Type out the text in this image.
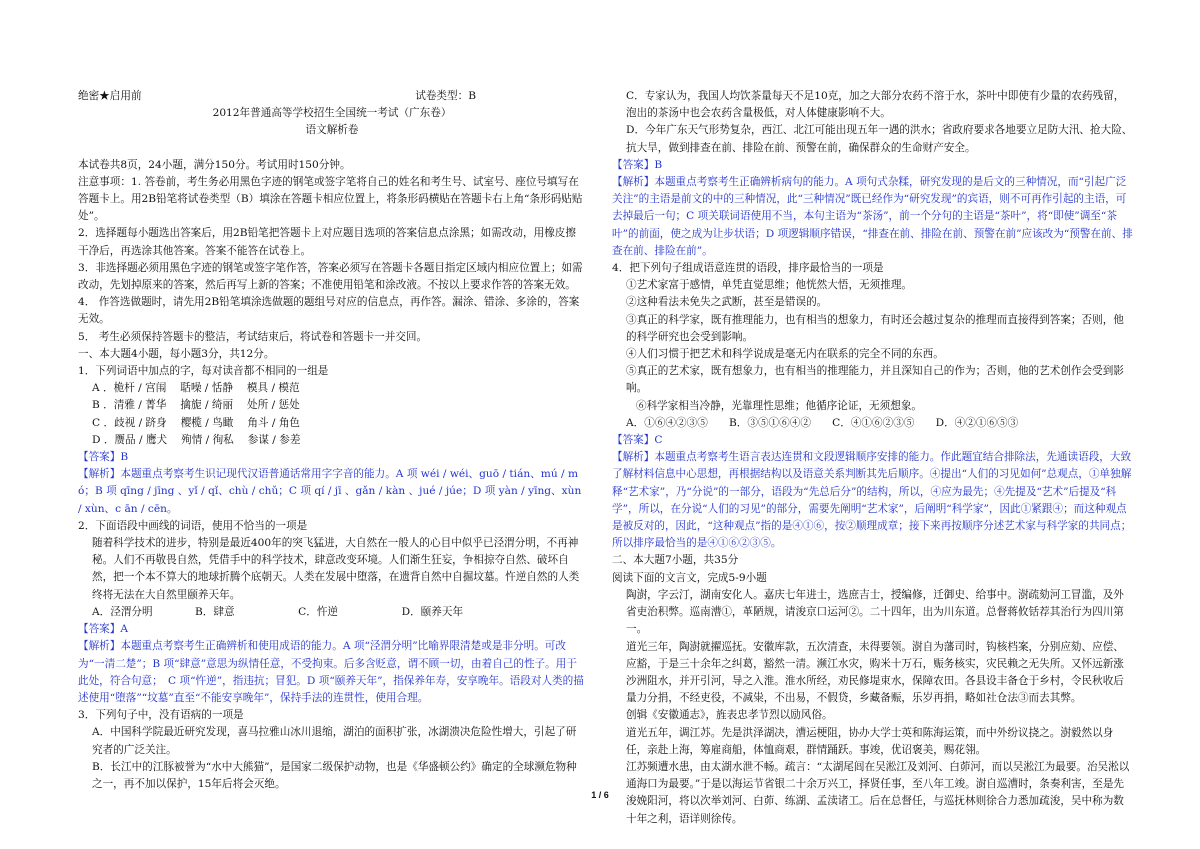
绝密★启用前	试卷类型：B
2012年普通高等学校招生全国统一考试（广东卷）
语文解析卷
本试卷共8页，24小题，满分150分。考试用时150分钟。
注意事项：1. 答卷前，考生务必用黑色字迹的钢笔或签字笔将自己的姓名和考生号、试室号、座位号填写在答题卡上。用2B铅笔将试卷类型（B）填涂在答题卡相应位置上，将条形码横贴在答题卡右上角“条形码贴贴处”。
2．选择题每小题选出答案后，用2B铅笔把答题卡上对应题目选项的答案信息点涂黑；如需改动，用橡皮擦干净后，再选涂其他答案。答案不能答在试卷上。
3．非选择题必须用黑色字迹的钢笔或签字笔作答，答案必须写在答题卡各题目指定区域内相应位置上；如需改动，先划掉原来的答案，然后再写上新的答案；不准使用铅笔和涂改液。不按以上要求作答的答案无效。
4． 作答选做题时，请先用2B铅笔填涂选做题的题组号对应的信息点，再作答。漏涂、错涂、多涂的，答案无效。
5． 考生必须保持答题卡的整洁，考试结束后，将试卷和答题卡一并交回。
一、本大题4小题，每小题3分，共12分。
1．下列词语中加点的字，每对读音都不相同的一组是
A ．桅杆 / 宫闱　 聒噪 / 恬静　 模具 / 模范
B ．清雅 / 菁华　 擒旎 / 绮丽　 处所 / 惩处
C ．歧视 / 跻身　 樱榄 / 鸟瞰　 角斗 / 角色
D ．赝品 / 鹰犬　 殉情 / 徇私　 参谋 / 参差
【答案】B
【解析】本题重点考察考生识记现代汉语普通话常用字字音的能力。A 项 wéi / wéi、guō / tián、mú / mó；B 项 qīng / jīng 、yǐ / qǐ、chù / chǔ；C 项 qí / jī 、gǎn / kàn 、jué / júe；D 项 yàn / yīng、xùn / xùn、c ān / cēn。
2．下面语段中画线的词语，使用不恰当的一项是
随着科学技术的进步，特别是最近400年的突飞猛进，大自然在一般人的心目中似乎已泾渭分明，不再神秘。人们不再敬畏自然，凭借手中的科学技术，肆意改变环境。人们渐生狂妄，争相掠夺自然、破坏自然，把一个本不算大的地球折腾个底朝天。人类在发展中堕落，在遗背自然中自掘坟墓。忤逆自然的人类终将无法在大自然里颐养天年。
A．泾渭分明　　　　B．肆意　　　　　　C．忤逆　　　　　　D．颐养天年
【答案】A
【解析】本题重点考察考生正确辨析和使用成语的能力。A 项“泾渭分明”比喻界限清楚或是非分明。可改为“一清二楚”；B 项“肆意”意思为纵情任意，不受拘束。后多含贬意，谓不顾一切，由着自己的性子。用于此处，符合句意；　C 项“忤逆”，指违抗；冒犯。D 项“颐养天年”，指保养年寿，安享晚年。语段对人类的描述使用“堕落”“坟墓”直至“不能安享晚年”，保持手法的连贯性，使用合理。
3．下列句子中，没有语病的一项是
A．中国科学院最近研究发现，喜马拉雅山冰川退缩，湖泊的面积扩张，冰湖溃决危险性增大，引起了研究者的广泛关注。
B．长江中的江豚被誉为“水中大熊猫”，是国家二级保护动物，也是《华盛顿公约》确定的全球濒危物种之一，再不加以保护，15年后将会灭绝。
C．专家认为，我国人均饮茶量每天不足10克，加之大部分农药不溶于水，茶叶中即使有少量的农药残留，泡出的茶汤中也会农药含量极低，对人体健康影响不大。
D．今年广东天气形势复杂，西江、北江可能出现五年一遇的洪水；省政府要求各地要立足防大汛、抢大险、抗大旱，做到排查在前、排险在前、预警在前，确保群众的生命财产安全。
【答案】B
【解析】本题重点考察考生正确辨析病句的能力。A 项句式杂糅，研究发现的是后文的三种情况，而“引起广泛关注”的主语是前文的中的三种情况，此“三种情况”既已经作为“研究发现”的宾语，则不可再作引起的主语，可去掉最后一句；C 项关联词语使用不当，本句主语为“茶汤”，前一个分句的主语是“茶叶”，将“即使”调至“茶叶”的前面，使之成为让步状语；D 项逻辑顺序错误，“排查在前、排险在前、预警在前”应该改为“预警在前、排查在前、排险在前”。
4．把下列句子组成语意连贯的语段，排序最恰当的一项是
①艺术家富于感情，单凭直觉思维；他恍然大悟，无须推理。
②这种看法未免失之武断，甚至是错误的。
③真正的科学家，既有推理能力，也有相当的想象力，有时还会越过复杂的推理而直接得到答案；否则，他的科学研究也会受到影响。
④人们习惯于把艺术和科学说成是毫无内在联系的完全不同的东西。
⑤真正的艺术家，既有想象力，也有相当的推理能力，并且深知自己的作为；否则，他的艺术创作会受到影响。
⑥科学家相当冷静，光靠理性思维；他循序论证，无须想象。
A．①⑥④②③⑤　　B．③⑤①⑥④②　　C．④①⑥②③⑤　　D．④②①⑥⑤③
【答案】C
【解析】本题重点考察考生语言表达连贯和文段逻辑顺序安排的能力。作此题宜结合排除法，先通读语段，大致了解材料信息中心思想，再根据结构以及语意关系判断其先后顺序。④提出“人们的习见如何”总观点，①单独解释“艺术家”，乃“分说”的一部分，语段为“先总后分”的结构，所以，④应为最先；④先提及“艺术”后提及“科学”，所以，在分说“人们的习见”的部分，需要先阐明“艺术家”，后阐明“科学家”，因此①紧跟④；而这种观点是被反对的，因此，“这种观点”指的是④①⑥，按②顺理成章；接下来再按顺序分述艺术家与科学家的共同点；所以排序最恰当的是④①⑥②③⑤。
二、本大题7小题，共35分
阅读下面的文言文，完成5-9小题
陶澍，字云汀，湖南安化人。嘉庆七年进士，选庶吉士，授编修，迁御史、给事中。澍疏劾河工冒滥，及外省吏治积弊。巡南漕①，革陋规，请浚京口运河②。二十四年，出为川东道。总督蒋攸铦荐其治行为四川第一。
道光三年，陶澍就擢巡抚。安徽库款，五次清查，未得要领。澍自为藩司时，钩核档案，分别应劾、应偿、应豁，于是三十余年之纠葛，豁然一清。濒江水灾，购米十万石，赈务核实，灾民赖之无失所。又怀远新涨沙洲阻水，并开引河，导之入淮。淮水所经，劝民修堤束水，保障农田。各县设丰备仓于乡村，令民秋收后量力分捐，不经吏役，不减粜，不出易，不假贷，乡藏备赈，乐岁再捐，略如社仓法③而去其弊。
创辑《安徽通志》，旌表忠孝节烈以励风俗。
道光五年，调江苏。先是洪泽湖决，漕运梗阻，协办大学士英和陈海运策，而中外纷议挠之。澍毅然以身任，亲赴上海，筹雇商船，体恤商艰，群情踊跃。事竣，优诏褒美，赐花翎。
江苏频遭水患，由太湖水泄不畅。疏言：“太湖尾闾在吴淞江及刘河、白茆河，而以吴淞江为最要。治吴淞以通海口为最要。”于是以海运节省银二十余万兴工，择贤任事，至八年工竣。澍自巡漕时，条奏利害，至是先浚娩阳河，将以次举刘河、白茆、练湖、孟渎诸工。后在总督任，与巡抚林则徐合力悉加疏浚，吴中称为数十年之利，语详则徐传。
1 / 6
